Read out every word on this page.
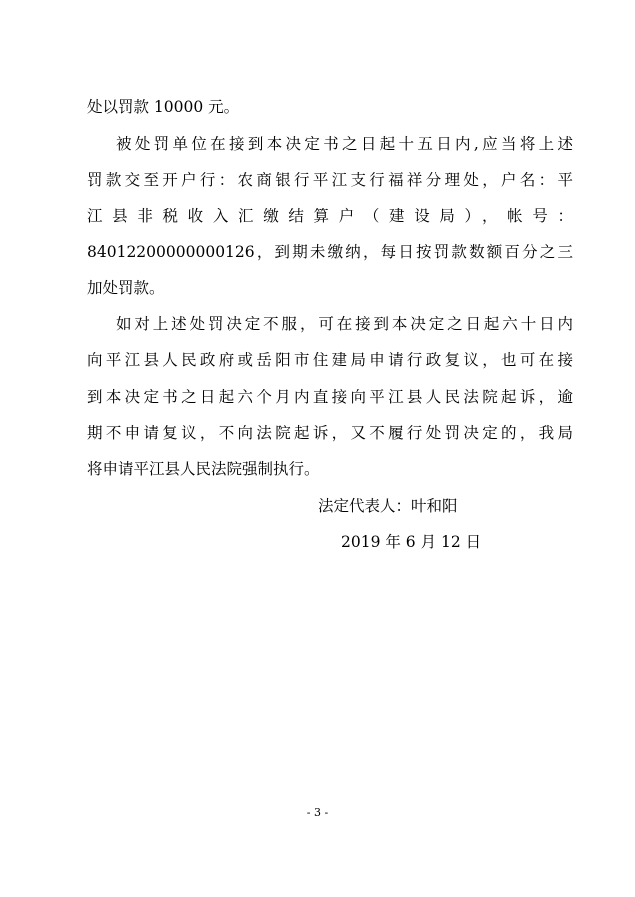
处以罚款 10000 元。
被处罚单位在接到本决定书之日起十五日内,应当将上述
罚款交至开户行：农商银行平江支行福祥分理处，户名：平
江县非税收入汇缴结算户（建设局），帐号：
84012200000000126，到期未缴纳，每日按罚款数额百分之三
加处罚款。
如对上述处罚决定不服，可在接到本决定之日起六十日内
向平江县人民政府或岳阳市住建局申请行政复议，也可在接
到本决定书之日起六个月内直接向平江县人民法院起诉，逾
期不申请复议，不向法院起诉，又不履行处罚决定的，我局
将申请平江县人民法院强制执行。
法定代表人：叶和阳
2019 年 6 月 12 日
- 3 -
